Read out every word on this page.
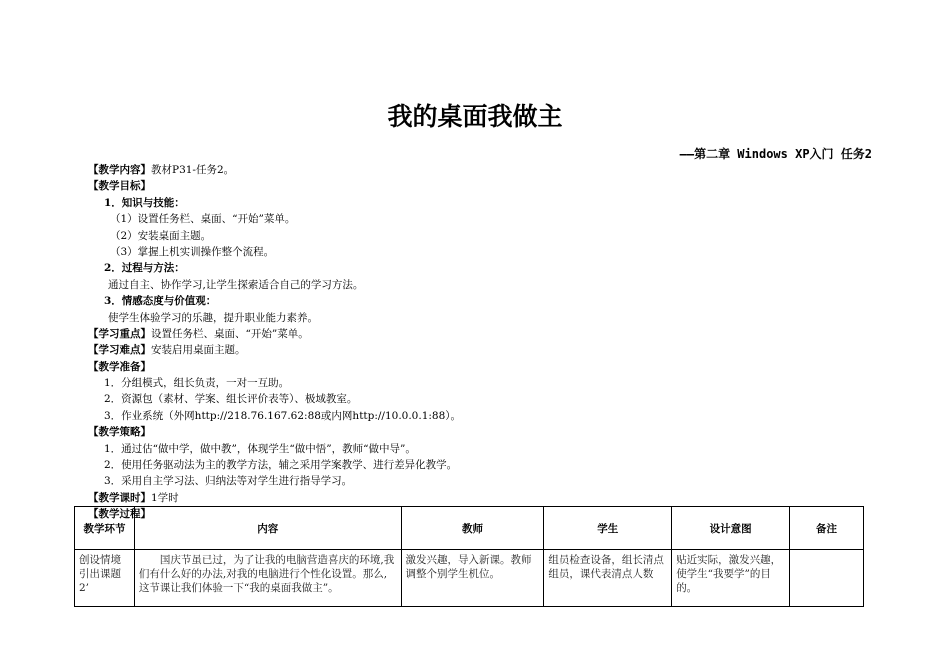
我的桌面我做主
——第二章 Windows XP入门 任务2
【教学内容】教材P31-任务2。
【教学目标】
1．知识与技能：
（1）设置任务栏、桌面、“开始”菜单。
（2）安装桌面主题。
（3）掌握上机实训操作整个流程。
2．过程与方法：
通过自主、协作学习,让学生探索适合自己的学习方法。
3．情感态度与价值观：
使学生体验学习的乐趣，提升职业能力素养。
【学习重点】设置任务栏、桌面、“开始”菜单。
【学习难点】安装启用桌面主题。
【教学准备】
1．分组模式，组长负责，一对一互助。
2．资源包（素材、学案、组长评价表等）、极域教室。
3．作业系统（外网http://218.76.167.62:88或内网http://10.0.0.1:88）。
【教学策略】
1．通过估“做中学，做中教”，体现学生“做中悟”，教师“做中导”。
2．使用任务驱动法为主的教学方法，辅之采用学案教学、进行差异化教学。
3．采用自主学习法、归纳法等对学生进行指导学习。
【教学课时】1学时
【教学过程】
教学环节	内容	教师	学生	设计意图	备注
创设情境引出课题2’	国庆节虽已过，为了让我的电脑营造喜庆的环境,我们有什么好的办法,对我的电脑进行个性化设置。那么,这节课让我们体验一下“我的桌面我做主”。	激发兴趣，导入新课。教师调整个别学生机位。	组员检查设备，组长清点组员，课代表清点人数	贴近实际，激发兴趣，使学生“我要学”的目的。	
